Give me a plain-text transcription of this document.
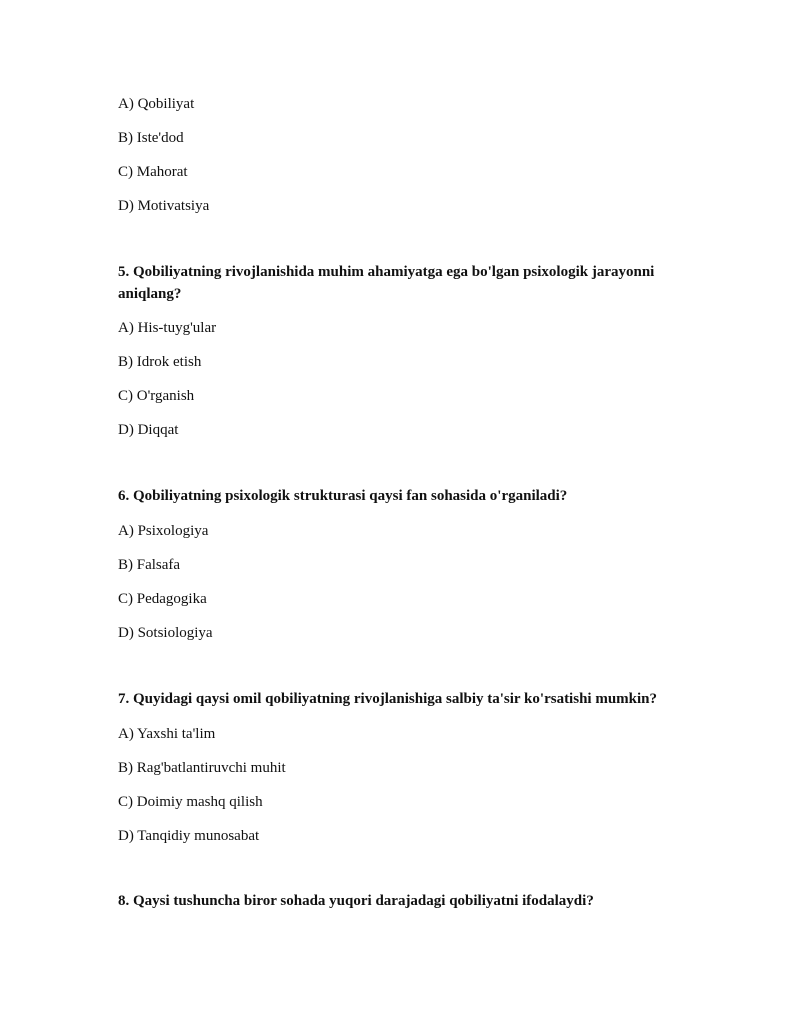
A) Qobiliyat
B) Iste'dod
C) Mahorat
D) Motivatsiya
5. Qobiliyatning rivojlanishida muhim ahamiyatga ega bo'lgan psixologik jarayonni aniqlang?
A) His-tuyg'ular
B) Idrok etish
C) O'rganish
D) Diqqat
6. Qobiliyatning psixologik strukturasi qaysi fan sohasida o'rganiladi?
A) Psixologiya
B) Falsafa
C) Pedagogika
D) Sotsiologiya
7. Quyidagi qaysi omil qobiliyatning rivojlanishiga salbiy ta'sir ko'rsatishi mumkin?
A) Yaxshi ta'lim
B) Rag'batlantiruvchi muhit
C) Doimiy mashq qilish
D) Tanqidiy munosabat
8. Qaysi tushuncha biror sohada yuqori darajadagi qobiliyatni ifodalaydi?
